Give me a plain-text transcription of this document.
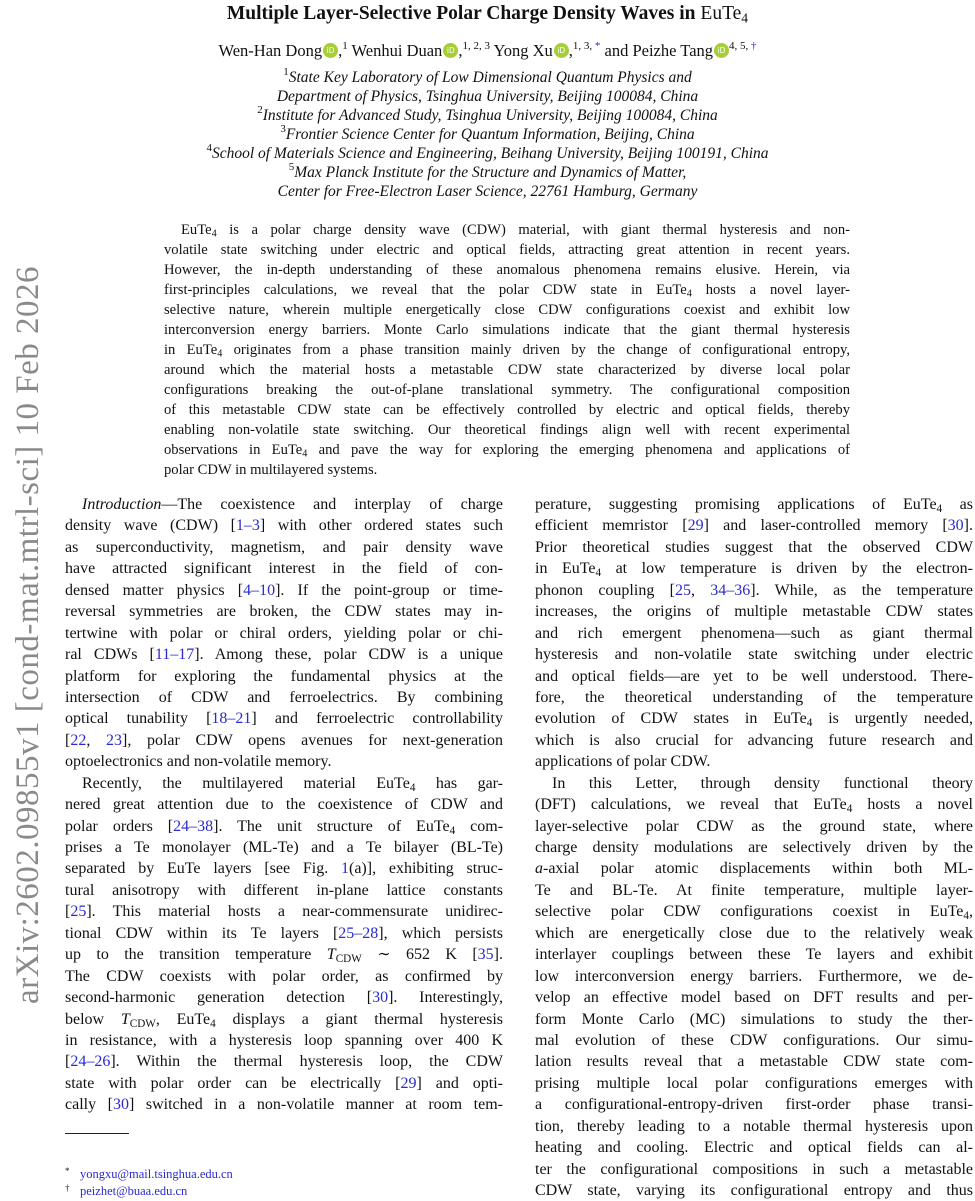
arXiv:2602.09855v1 [cond-mat.mtrl-sci] 10 Feb 2026
Multiple Layer-Selective Polar Charge Density Waves in EuTe$_4$
Wen-Han Dong iD ,$^1$ Wenhui Duan iD ,$^{1, 2, 3}$ Yong Xu iD ,$^{1, 3, *}$ and Peizhe Tang iD $^{4, 5, \dagger}$
$^1$State Key Laboratory of Low Dimensional Quantum Physics and
Department of Physics, Tsinghua University, Beijing 100084, China
$^2$Institute for Advanced Study, Tsinghua University, Beijing 100084, China
$^3$Frontier Science Center for Quantum Information, Beijing, China
$^4$School of Materials Science and Engineering, Beihang University, Beijing 100191, China
$^5$Max Planck Institute for the Structure and Dynamics of Matter,
Center for Free-Electron Laser Science, 22761 Hamburg, Germany
EuTe$_4$ is a polar charge density wave (CDW) material, with giant thermal hysteresis and non-
volatile state switching under electric and optical fields, attracting great attention in recent years.
However, the in-depth understanding of these anomalous phenomena remains elusive. Herein, via
first-principles calculations, we reveal that the polar CDW state in EuTe$_4$ hosts a novel layer-
selective nature, wherein multiple energetically close CDW configurations coexist and exhibit low
interconversion energy barriers. Monte Carlo simulations indicate that the giant thermal hysteresis
in EuTe$_4$ originates from a phase transition mainly driven by the change of configurational entropy,
around which the material hosts a metastable CDW state characterized by diverse local polar
configurations breaking the out-of-plane translational symmetry. The configurational composition
of this metastable CDW state can be effectively controlled by electric and optical fields, thereby
enabling non-volatile state switching. Our theoretical findings align well with recent experimental
observations in EuTe$_4$ and pave the way for exploring the emerging phenomena and applications of
polar CDW in multilayered systems.
Introduction—The coexistence and interplay of charge
density wave (CDW) [1–3] with other ordered states such
as superconductivity, magnetism, and pair density wave
have attracted significant interest in the field of con-
densed matter physics [4–10]. If the point-group or time-
reversal symmetries are broken, the CDW states may in-
tertwine with polar or chiral orders, yielding polar or chi-
ral CDWs [11–17]. Among these, polar CDW is a unique
platform for exploring the fundamental physics at the
intersection of CDW and ferroelectrics. By combining
optical tunability [18–21] and ferroelectric controllability
[22, 23], polar CDW opens avenues for next-generation
optoelectronics and non-volatile memory.
Recently, the multilayered material EuTe$_4$ has gar-
nered great attention due to the coexistence of CDW and
polar orders [24–38]. The unit structure of EuTe$_4$ com-
prises a Te monolayer (ML-Te) and a Te bilayer (BL-Te)
separated by EuTe layers [see Fig. 1(a)], exhibiting struc-
tural anisotropy with different in-plane lattice constants
[25]. This material hosts a near-commensurate unidirec-
tional CDW within its Te layers [25–28], which persists
up to the transition temperature $T_{CDW}$ ∼ 652 K [35].
The CDW coexists with polar order, as confirmed by
second-harmonic generation detection [30]. Interestingly,
below $T_{CDW}$, EuTe$_4$ displays a giant thermal hysteresis
in resistance, with a hysteresis loop spanning over 400 K
[24–26]. Within the thermal hysteresis loop, the CDW
state with polar order can be electrically [29] and opti-
cally [30] switched in a non-volatile manner at room tem-
perature, suggesting promising applications of EuTe$_4$ as
efficient memristor [29] and laser-controlled memory [30].
Prior theoretical studies suggest that the observed CDW
in EuTe$_4$ at low temperature is driven by the electron-
phonon coupling [25, 34–36]. While, as the temperature
increases, the origins of multiple metastable CDW states
and rich emergent phenomena—such as giant thermal
hysteresis and non-volatile state switching under electric
and optical fields—are yet to be well understood. There-
fore, the theoretical understanding of the temperature
evolution of CDW states in EuTe$_4$ is urgently needed,
which is also crucial for advancing future research and
applications of polar CDW.
In this Letter, through density functional theory
(DFT) calculations, we reveal that EuTe$_4$ hosts a novel
layer-selective polar CDW as the ground state, where
charge density modulations are selectively driven by the
a-axial polar atomic displacements within both ML-
Te and BL-Te. At finite temperature, multiple layer-
selective polar CDW configurations coexist in EuTe$_4$,
which are energetically close due to the relatively weak
interlayer couplings between these Te layers and exhibit
low interconversion energy barriers. Furthermore, we de-
velop an effective model based on DFT results and per-
form Monte Carlo (MC) simulations to study the ther-
mal evolution of these CDW configurations. Our simu-
lation results reveal that a metastable CDW state com-
prising multiple local polar configurations emerges with
a configurational-entropy-driven first-order phase transi-
tion, thereby leading to a notable thermal hysteresis upon
heating and cooling. Electric and optical fields can al-
ter the configurational compositions in such a metastable
CDW state, varying its configurational entropy and thus
* yongxu@mail.tsinghua.edu.cn
† peizhet@buaa.edu.cn
